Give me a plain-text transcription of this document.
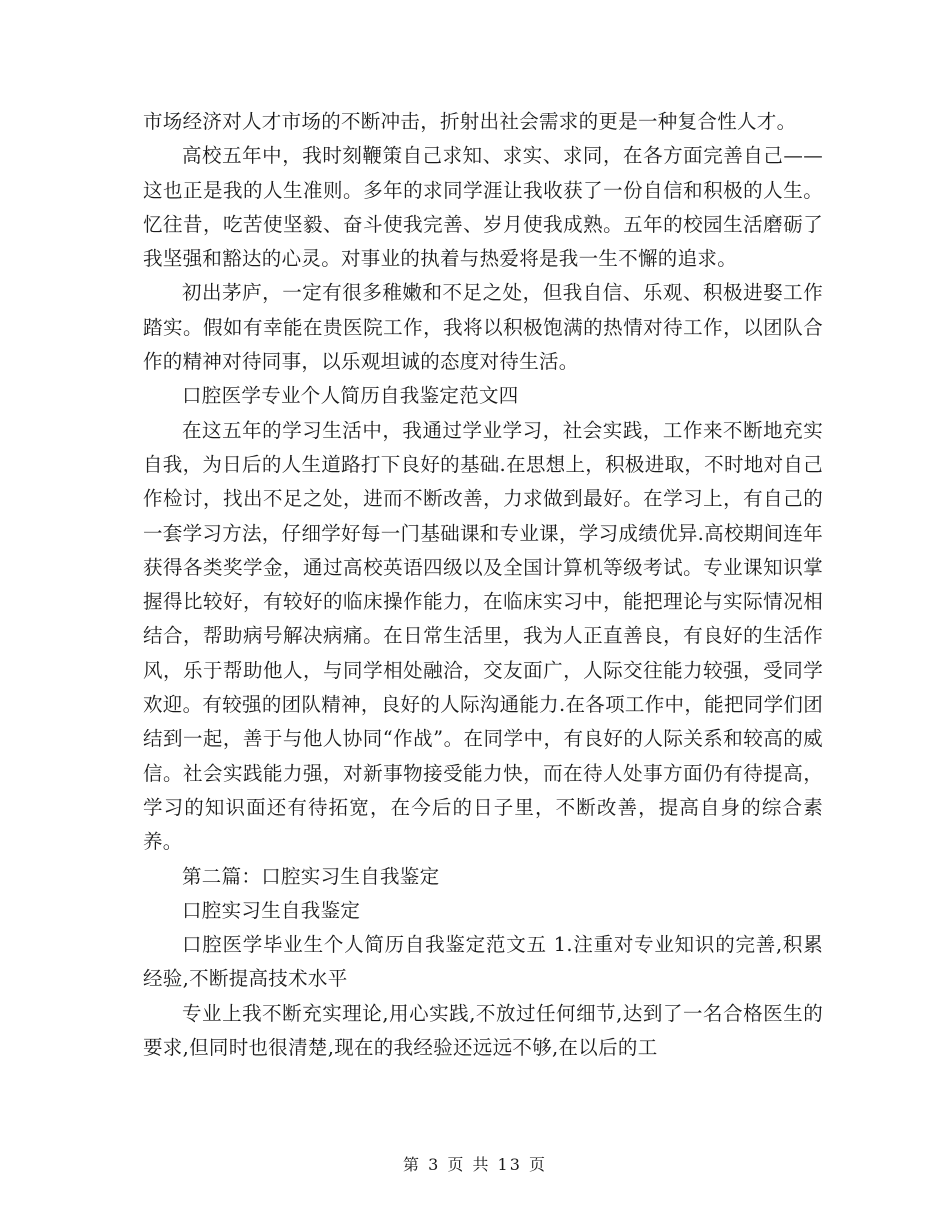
市场经济对人才市场的不断冲击，折射出社会需求的更是一种复合性人才。

高校五年中，我时刻鞭策自己求知、求实、求同，在各方面完善自己——这也正是我的人生准则。多年的求同学涯让我收获了一份自信和积极的人生。忆往昔，吃苦使坚毅、奋斗使我完善、岁月使我成熟。五年的校园生活磨砺了我坚强和豁达的心灵。对事业的执着与热爱将是我一生不懈的追求。

初出茅庐，一定有很多稚嫩和不足之处，但我自信、乐观、积极进娶工作踏实。假如有幸能在贵医院工作，我将以积极饱满的热情对待工作，以团队合作的精神对待同事，以乐观坦诚的态度对待生活。

口腔医学专业个人简历自我鉴定范文四

在这五年的学习生活中，我通过学业学习，社会实践，工作来不断地充实自我，为日后的人生道路打下良好的基础.在思想上，积极进取，不时地对自己作检讨，找出不足之处，进而不断改善，力求做到最好。在学习上，有自己的一套学习方法，仔细学好每一门基础课和专业课，学习成绩优异.高校期间连年获得各类奖学金，通过高校英语四级以及全国计算机等级考试。专业课知识掌握得比较好，有较好的临床操作能力，在临床实习中，能把理论与实际情况相结合，帮助病号解决病痛。在日常生活里，我为人正直善良，有良好的生活作风，乐于帮助他人，与同学相处融洽，交友面广，人际交往能力较强，受同学欢迎。有较强的团队精神，良好的人际沟通能力.在各项工作中，能把同学们团结到一起，善于与他人协同“作战”。在同学中，有良好的人际关系和较高的威信。社会实践能力强，对新事物接受能力快，而在待人处事方面仍有待提高，学习的知识面还有待拓宽，在今后的日子里，不断改善，提高自身的综合素养。

第二篇：口腔实习生自我鉴定

口腔实习生自我鉴定

口腔医学毕业生个人简历自我鉴定范文五 1.注重对专业知识的完善,积累经验,不断提高技术水平

专业上我不断充实理论,用心实践,不放过任何细节,达到了一名合格医生的要求,但同时也很清楚,现在的我经验还远远不够,在以后的工

第 3 页 共 13 页
